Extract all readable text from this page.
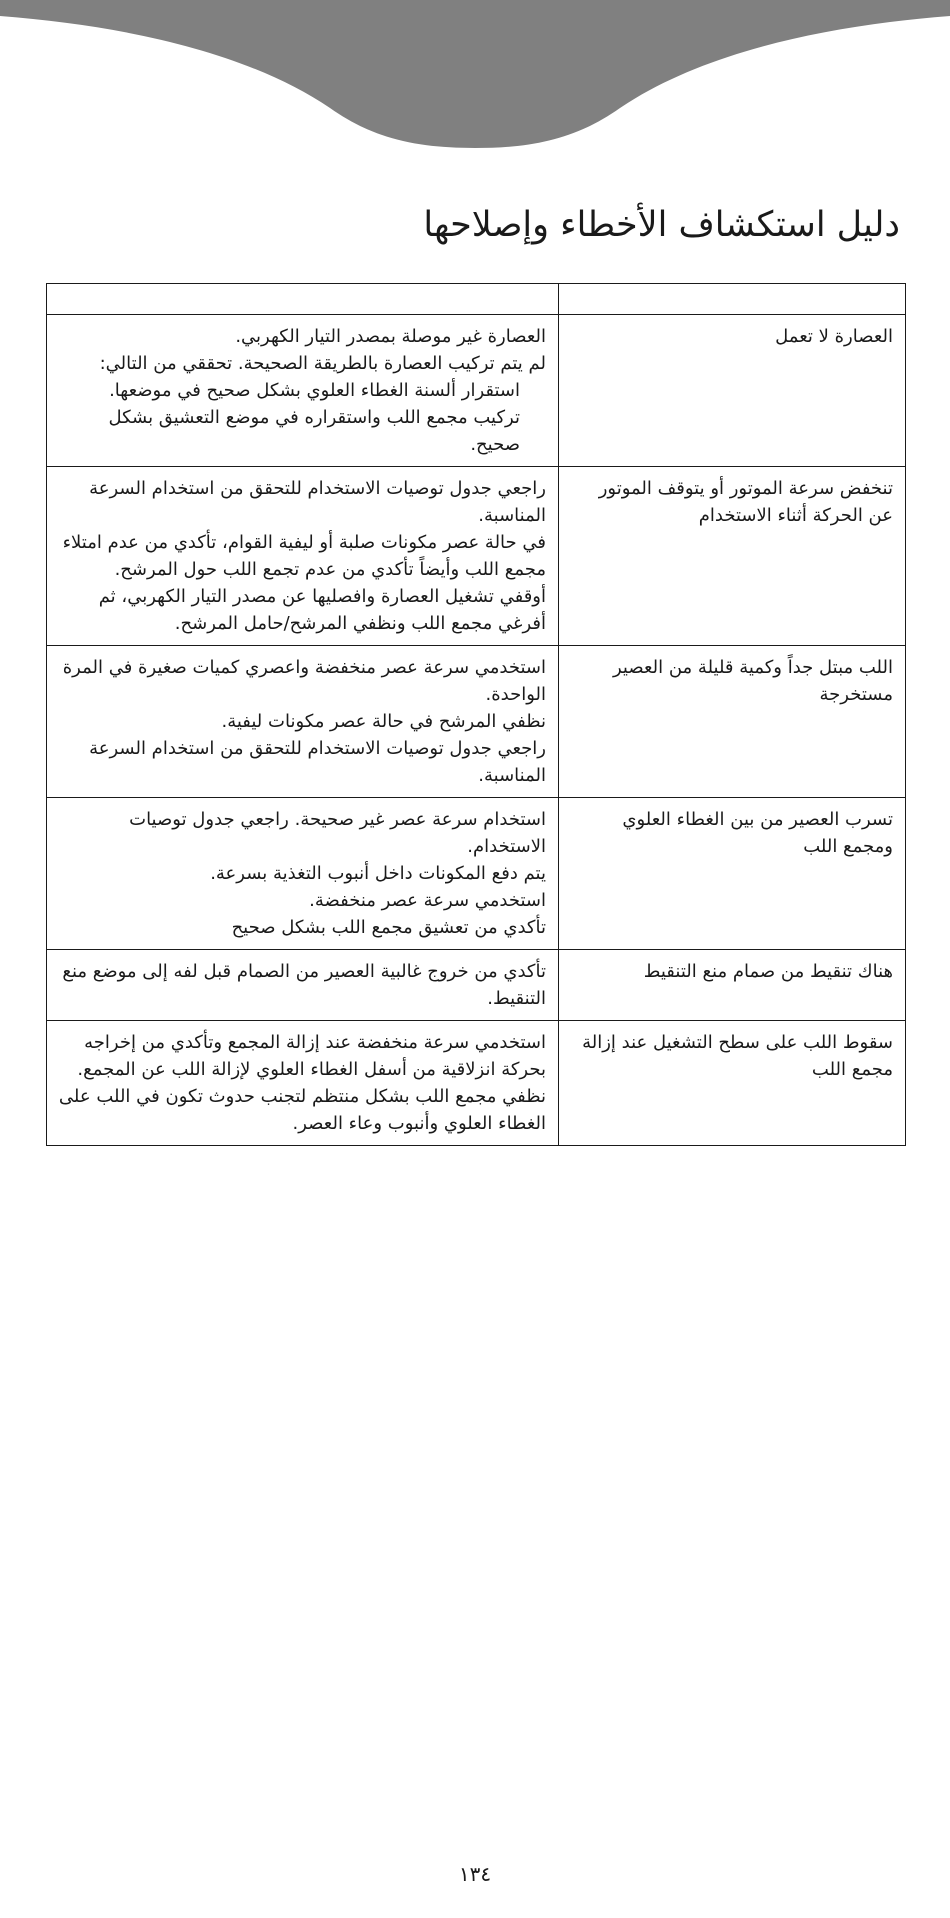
دليل استكشاف الأخطاء وإصلاحها

العصارة لا تعمل	العصارة غير موصلة بمصدر التيار الكهربي.
لم يتم تركيب العصارة بالطريقة الصحيحة. تحققي من التالي:
استقرار ألسنة الغطاء العلوي بشكل صحيح في موضعها.
تركيب مجمع اللب واستقراره في موضع التعشيق بشكل صحيح.

تنخفض سرعة الموتور أو يتوقف الموتور عن الحركة أثناء الاستخدام	راجعي جدول توصيات الاستخدام للتحقق من استخدام السرعة المناسبة.
في حالة عصر مكونات صلبة أو ليفية القوام، تأكدي من عدم امتلاء مجمع اللب وأيضاً تأكدي من عدم تجمع اللب حول المرشح.
أوقفي تشغيل العصارة وافصليها عن مصدر التيار الكهربي، ثم أفرغي مجمع اللب ونظفي المرشح/حامل المرشح.

اللب مبتل جداً وكمية قليلة من العصير مستخرجة	استخدمي سرعة عصر منخفضة واعصري كميات صغيرة في المرة الواحدة.
نظفي المرشح في حالة عصر مكونات ليفية.
راجعي جدول توصيات الاستخدام للتحقق من استخدام السرعة المناسبة.

تسرب العصير من بين الغطاء العلوي ومجمع اللب	استخدام سرعة عصر غير صحيحة. راجعي جدول توصيات الاستخدام.
يتم دفع المكونات داخل أنبوب التغذية بسرعة.
استخدمي سرعة عصر منخفضة.
تأكدي من تعشيق مجمع اللب بشكل صحيح

هناك تنقيط من صمام منع التنقيط	تأكدي من خروج غالبية العصير من الصمام قبل لفه إلى موضع منع التنقيط.

سقوط اللب على سطح التشغيل عند إزالة مجمع اللب	استخدمي سرعة منخفضة عند إزالة المجمع وتأكدي من إخراجه بحركة انزلاقية من أسفل الغطاء العلوي لإزالة اللب عن المجمع.
نظفي مجمع اللب بشكل منتظم لتجنب حدوث تكون في اللب على الغطاء العلوي وأنبوب وعاء العصر.
١٣٤
